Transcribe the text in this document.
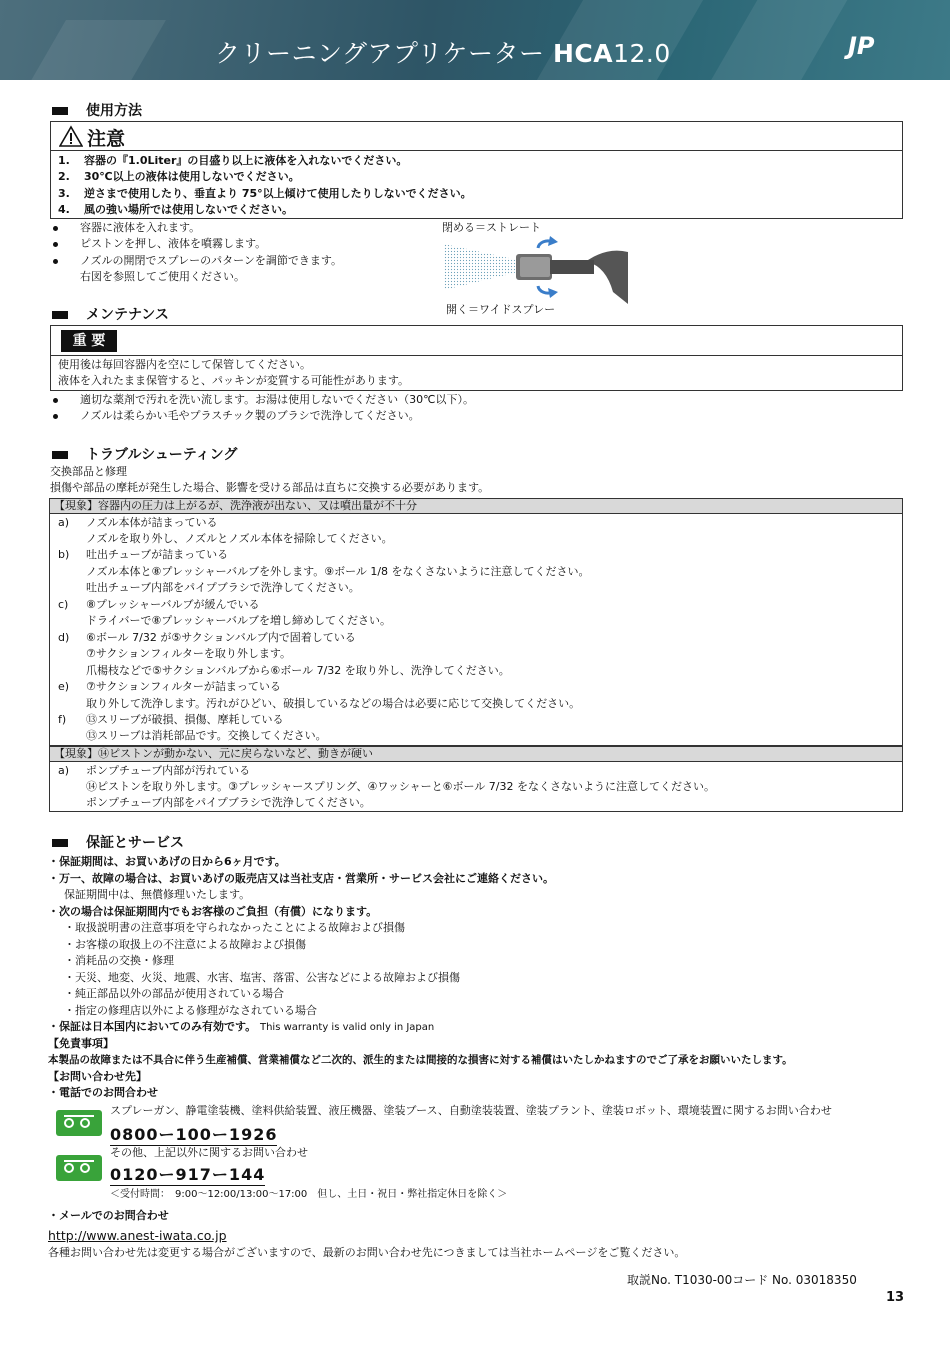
クリーニングアプリケーター HCA12.0	JP
使用方法
注意
1. 容器の『1.0Liter』の目盛り以上に液体を入れないでください。
2. 30℃以上の液体は使用しないでください。
3. 逆さまで使用したり、垂直より 75°以上傾けて使用したりしないでください。
4. 風の強い場所では使用しないでください。
容器に液体を入れます。
ピストンを押し、液体を噴霧します。
ノズルの開閉でスプレーのパターンを調節できます。
右図を参照してご使用ください。
閉める＝ストレート
開く＝ワイドスプレー
メンテナンス
重 要
使用後は毎回容器内を空にして保管してください。
液体を入れたまま保管すると、パッキンが変質する可能性があります。
適切な薬剤で汚れを洗い流します。お湯は使用しないでください（30℃以下）。
ノズルは柔らかい毛やプラスチック製のブラシで洗浄してください。
トラブルシューティング
交換部品と修理
損傷や部品の摩耗が発生した場合、影響を受ける部品は直ちに交換する必要があります。
【現象】容器内の圧力は上がるが、洗浄液が出ない、又は噴出量が不十分
a) ノズル本体が詰まっている
ノズルを取り外し、ノズルとノズル本体を掃除してください。
b) 吐出チューブが詰まっている
ノズル本体と⑧プレッシャーバルブを外します。⑨ボール 1/8 をなくさないように注意してください。
吐出チューブ内部をパイプブラシで洗浄してください。
c) ⑧プレッシャーバルブが緩んでいる
ドライバーで⑧プレッシャーバルブを増し締めしてください。
d) ⑥ボール 7/32 が⑤サクションバルブ内で固着している
⑦サクションフィルターを取り外します。
爪楊枝などで⑤サクションバルブから⑥ボール 7/32 を取り外し、洗浄してください。
e) ⑦サクションフィルターが詰まっている
取り外して洗浄します。汚れがひどい、破損しているなどの場合は必要に応じて交換してください。
f) ⑬スリーブが破損、損傷、摩耗している
⑬スリーブは消耗部品です。交換してください。
【現象】⑭ピストンが動かない、元に戻らないなど、動きが硬い
a) ポンプチューブ内部が汚れている
⑭ピストンを取り外します。③プレッシャースプリング、④ワッシャーと⑥ボール 7/32 をなくさないように注意してください。
ポンプチューブ内部をパイプブラシで洗浄してください。
保証とサービス
・保証期間は、お買いあげの日から6ヶ月です。
・万一、故障の場合は、お買いあげの販売店又は当社支店・営業所・サービス会社にご連絡ください。
保証期間中は、無償修理いたします。
・次の場合は保証期間内でもお客様のご負担（有償）になります。
・取扱説明書の注意事項を守られなかったことによる故障および損傷
・お客様の取扱上の不注意による故障および損傷
・消耗品の交換・修理
・天災、地変、火災、地震、水害、塩害、落雷、公害などによる故障および損傷
・純正部品以外の部品が使用されている場合
・指定の修理店以外による修理がなされている場合
・保証は日本国内においてのみ有効です。 This warranty is valid only in Japan
【免責事項】
本製品の故障または不具合に伴う生産補償、営業補償など二次的、派生的または間接的な損害に対する補償はいたしかねますのでご了承をお願いいたします。
【お問い合わせ先】
・電話でのお問合わせ
スプレーガン、静電塗装機、塗料供給装置、液圧機器、塗装ブース、自動塗装装置、塗装プラント、塗装ロボット、環境装置に関するお問い合わせ
0800ー100ー1926
その他、上記以外に関するお問い合わせ
0120ー917ー144
＜受付時間：　9:00〜12:00/13:00〜17:00　但し、土日・祝日・弊社指定休日を除く＞
・メールでのお問合わせ
http://www.anest-iwata.co.jp
各種お問い合わせ先は変更する場合がございますので、最新のお問い合わせ先につきましては当社ホームページをご覧ください。
取説No. T1030-00コード No. 03018350
13
